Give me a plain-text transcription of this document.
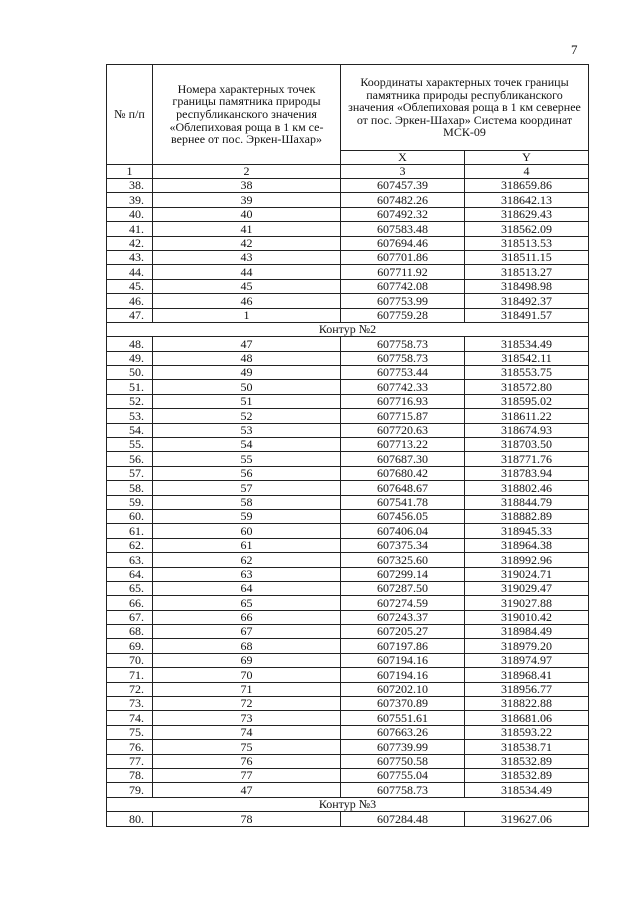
7
№ п/п	Номера характерных точек границы памятника природы республиканского значения «Облепиховая роща в 1 км се- вернее от пос. Эркен-Шахар»	Координаты характерных точек границы памятника природы республиканского значения «Облепиховая роща в 1 км севернее от пос. Эркен-Шахар» Система координат МСК-09	
		X	Y
1	2	3	4
38.	38	607457.39	318659.86
39.	39	607482.26	318642.13
40.	40	607492.32	318629.43
41.	41	607583.48	318562.09
42.	42	607694.46	318513.53
43.	43	607701.86	318511.15
44.	44	607711.92	318513.27
45.	45	607742.08	318498.98
46.	46	607753.99	318492.37
47.	1	607759.28	318491.57
Контур №2			
48.	47	607758.73	318534.49
49.	48	607758.73	318542.11
50.	49	607753.44	318553.75
51.	50	607742.33	318572.80
52.	51	607716.93	318595.02
53.	52	607715.87	318611.22
54.	53	607720.63	318674.93
55.	54	607713.22	318703.50
56.	55	607687.30	318771.76
57.	56	607680.42	318783.94
58.	57	607648.67	318802.46
59.	58	607541.78	318844.79
60.	59	607456.05	318882.89
61.	60	607406.04	318945.33
62.	61	607375.34	318964.38
63.	62	607325.60	318992.96
64.	63	607299.14	319024.71
65.	64	607287.50	319029.47
66.	65	607274.59	319027.88
67.	66	607243.37	319010.42
68.	67	607205.27	318984.49
69.	68	607197.86	318979.20
70.	69	607194.16	318974.97
71.	70	607194.16	318968.41
72.	71	607202.10	318956.77
73.	72	607370.89	318822.88
74.	73	607551.61	318681.06
75.	74	607663.26	318593.22
76.	75	607739.99	318538.71
77.	76	607750.58	318532.89
78.	77	607755.04	318532.89
79.	47	607758.73	318534.49
Контур №3			
80.	78	607284.48	319627.06
